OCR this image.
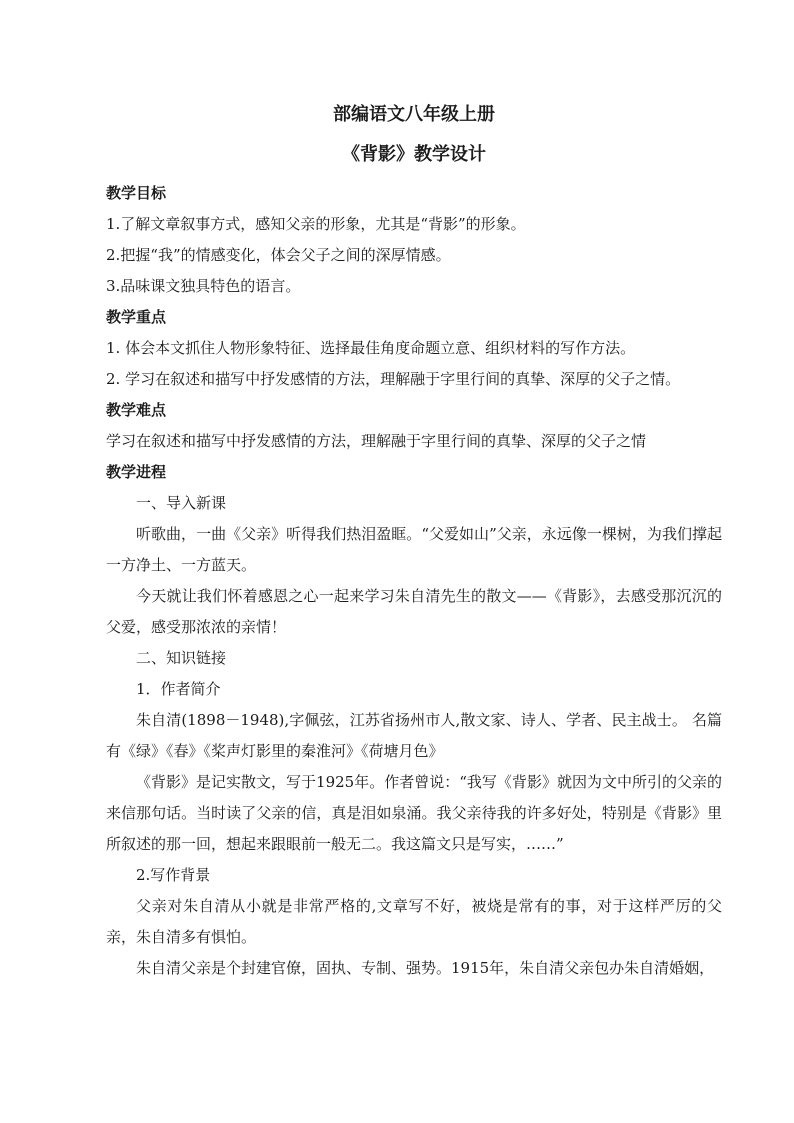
部编语文八年级上册

《背影》教学设计

教学目标

1.了解文章叙事方式，感知父亲的形象，尤其是“背影”的形象。

2.把握“我”的情感变化，体会父子之间的深厚情感。

3.品味课文独具特色的语言。

教学重点

1. 体会本文抓住人物形象特征、选择最佳角度命题立意、组织材料的写作方法。

2. 学习在叙述和描写中抒发感情的方法，理解融于字里行间的真挚、深厚的父子之情。

教学难点

学习在叙述和描写中抒发感情的方法，理解融于字里行间的真挚、深厚的父子之情

教学进程

一、导入新课

听歌曲，一曲《父亲》听得我们热泪盈眶。“父爱如山”父亲，永远像一棵树，为我们撑起一方净土、一方蓝天。

今天就让我们怀着感恩之心一起来学习朱自清先生的散文——《背影》，去感受那沉沉的父爱，感受那浓浓的亲情！

二、知识链接

1．作者简介

朱自清(1898－1948),字佩弦，江苏省扬州市人,散文家、诗人、学者、民主战士。 名篇有《绿》《春》《桨声灯影里的秦淮河》《荷塘月色》

《背影》是记实散文，写于1925年。作者曾说：“我写《背影》就因为文中所引的父亲的来信那句话。当时读了父亲的信，真是泪如泉涌。我父亲待我的许多好处，特别是《背影》里所叙述的那一回，想起来跟眼前一般无二。我这篇文只是写实，……”

2.写作背景

父亲对朱自清从小就是非常严格的,文章写不好，被烧是常有的事，对于这样严厉的父亲，朱自清多有惧怕。

朱自清父亲是个封建官僚，固执、专制、强势。1915年，朱自清父亲包办朱自清婚姻，
